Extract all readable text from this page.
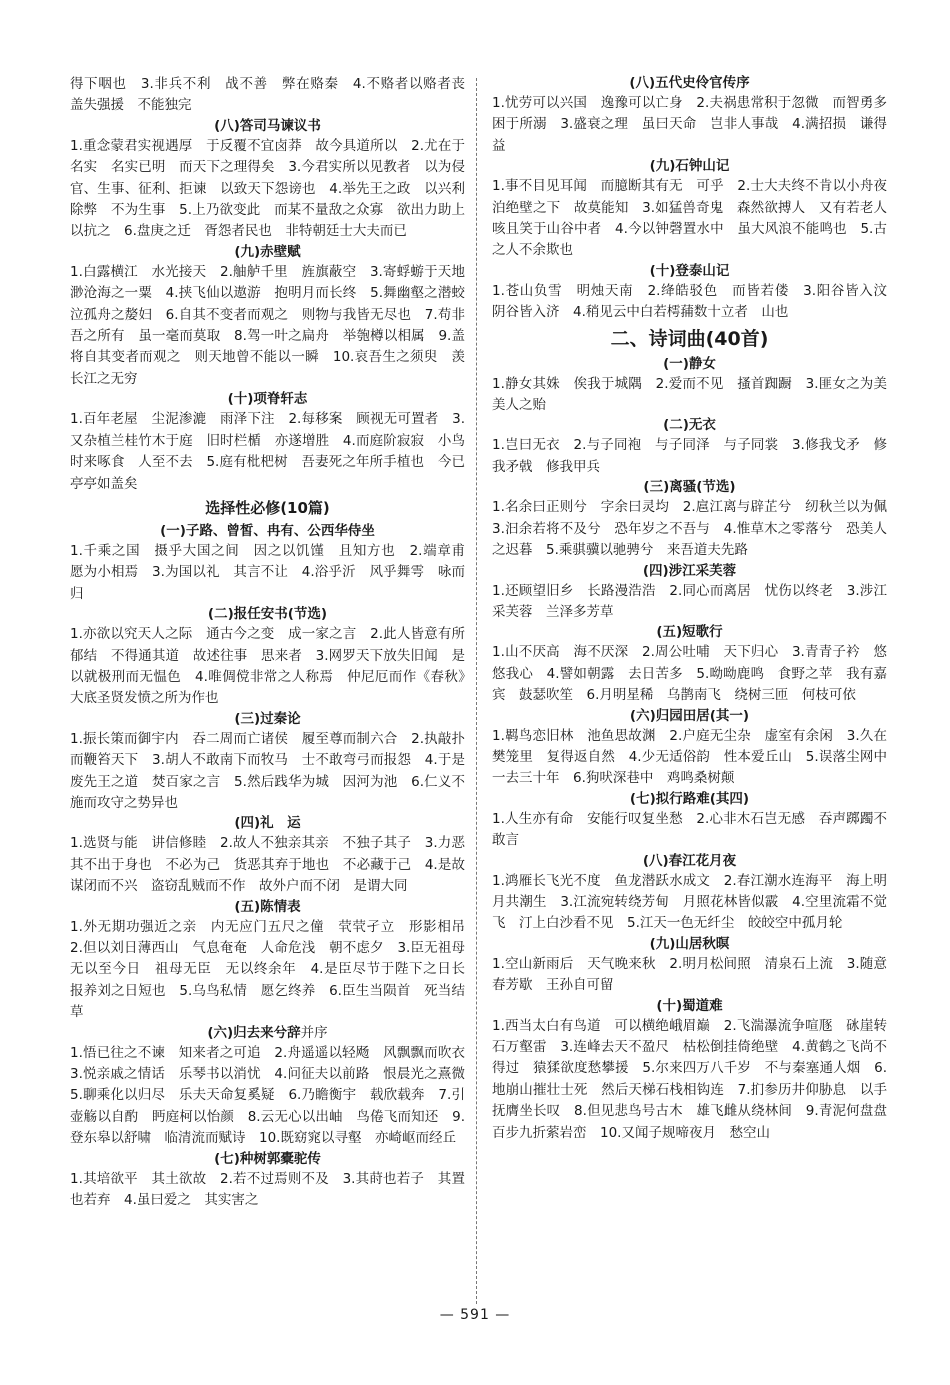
得下咽也　3.非兵不利　战不善　弊在赂秦　4.不赂者以赂者丧　盖失强援　不能独完
(八)答司马谏议书
1.重念蒙君实视遇厚　于反覆不宜卤莽　故今具道所以　2.尤在于名实　名实已明　而天下之理得矣　3.今君实所以见教者　以为侵官、生事、征利、拒谏　以致天下怨谤也　4.举先王之政　以兴利除弊　不为生事　5.上乃欲变此　而某不量敌之众寡　欲出力助上以抗之　6.盘庚之迁　胥怨者民也　非特朝廷士大夫而已
(九)赤壁赋
1.白露横江　水光接天　2.舳舻千里　旌旗蔽空　3.寄蜉蝣于天地　渺沧海之一粟　4.挟飞仙以遨游　抱明月而长终　5.舞幽壑之潜蛟　泣孤舟之嫠妇　6.自其不变者而观之　则物与我皆无尽也　7.苟非吾之所有　虽一毫而莫取　8.驾一叶之扁舟　举匏樽以相属　9.盖将自其变者而观之　则天地曾不能以一瞬　10.哀吾生之须臾　羡长江之无穷
(十)项脊轩志
1.百年老屋　尘泥渗漉　雨泽下注　2.每移案　顾视无可置者　3.又杂植兰桂竹木于庭　旧时栏楯　亦遂增胜　4.而庭阶寂寂　小鸟时来啄食　人至不去　5.庭有枇杷树　吾妻死之年所手植也　今已亭亭如盖矣
选择性必修(10篇)
(一)子路、曾皙、冉有、公西华侍坐
1.千乘之国　摄乎大国之间　因之以饥馑　且知方也　2.端章甫　愿为小相焉　3.为国以礼　其言不让　4.浴乎沂　风乎舞雩　咏而归
(二)报任安书(节选)
1.亦欲以究天人之际　通古今之变　成一家之言　2.此人皆意有所郁结　不得通其道　故述往事　思来者　3.网罗天下放失旧闻　是以就极刑而无愠色　4.唯倜傥非常之人称焉　仲尼厄而作《春秋》　大底圣贤发愤之所为作也
(三)过秦论
1.振长策而御宇内　吞二周而亡诸侯　履至尊而制六合　2.执敲扑而鞭笞天下　3.胡人不敢南下而牧马　士不敢弯弓而报怨　4.于是废先王之道　焚百家之言　5.然后践华为城　因河为池　6.仁义不施而攻守之势异也
(四)礼　运
1.选贤与能　讲信修睦　2.故人不独亲其亲　不独子其子　3.力恶其不出于身也　不必为己　货恶其弃于地也　不必藏于己　4.是故谋闭而不兴　盗窃乱贼而不作　故外户而不闭　是谓大同
(五)陈情表
1.外无期功强近之亲　内无应门五尺之僮　茕茕孑立　形影相吊　2.但以刘日薄西山　气息奄奄　人命危浅　朝不虑夕　3.臣无祖母　无以至今日　祖母无臣　无以终余年　4.是臣尽节于陛下之日长　报养刘之日短也　5.乌鸟私情　愿乞终养　6.臣生当陨首　死当结草
(六)归去来兮辞并序
1.悟已往之不谏　知来者之可追　2.舟遥遥以轻飏　风飘飘而吹衣　3.悦亲戚之情话　乐琴书以消忧　4.问征夫以前路　恨晨光之熹微　5.聊乘化以归尽　乐夫天命复奚疑　6.乃瞻衡宇　载欣载奔　7.引壶觞以自酌　眄庭柯以怡颜　8.云无心以出岫　鸟倦飞而知还　9.登东皋以舒啸　临清流而赋诗　10.既窈窕以寻壑　亦崎岖而经丘
(七)种树郭橐驼传
1.其培欲平　其土欲故　2.若不过焉则不及　3.其莳也若子　其置也若弃　4.虽曰爱之　其实害之
(八)五代史伶官传序
1.忧劳可以兴国　逸豫可以亡身　2.夫祸患常积于忽微　而智勇多困于所溺　3.盛衰之理　虽曰天命　岂非人事哉　4.满招损　谦得益
(九)石钟山记
1.事不目见耳闻　而臆断其有无　可乎　2.士大夫终不肯以小舟夜泊绝壁之下　故莫能知　3.如猛兽奇鬼　森然欲搏人　又有若老人咳且笑于山谷中者　4.今以钟磬置水中　虽大风浪不能鸣也　5.古之人不余欺也
(十)登泰山记
1.苍山负雪　明烛天南　2.绛皓驳色　而皆若偻　3.阳谷皆入汶　阴谷皆入济　4.稍见云中白若樗蒱数十立者　山也
二、诗词曲(40首)
(一)静女
1.静女其姝　俟我于城隅　2.爱而不见　搔首踟蹰　3.匪女之为美　美人之贻
(二)无衣
1.岂曰无衣　2.与子同袍　与子同泽　与子同裳　3.修我戈矛　修我矛戟　修我甲兵
(三)离骚(节选)
1.名余曰正则兮　字余曰灵均　2.扈江离与辟芷兮　纫秋兰以为佩　3.汩余若将不及兮　恐年岁之不吾与　4.惟草木之零落兮　恐美人之迟暮　5.乘骐骥以驰骋兮　来吾道夫先路
(四)涉江采芙蓉
1.还顾望旧乡　长路漫浩浩　2.同心而离居　忧伤以终老　3.涉江采芙蓉　兰泽多芳草
(五)短歌行
1.山不厌高　海不厌深　2.周公吐哺　天下归心　3.青青子衿　悠悠我心　4.譬如朝露　去日苦多　5.呦呦鹿鸣　食野之苹　我有嘉宾　鼓瑟吹笙　6.月明星稀　乌鹊南飞　绕树三匝　何枝可依
(六)归园田居(其一)
1.羁鸟恋旧林　池鱼思故渊　2.户庭无尘杂　虚室有余闲　3.久在樊笼里　复得返自然　4.少无适俗韵　性本爱丘山　5.误落尘网中　一去三十年　6.狗吠深巷中　鸡鸣桑树颠
(七)拟行路难(其四)
1.人生亦有命　安能行叹复坐愁　2.心非木石岂无感　吞声踯躅不敢言
(八)春江花月夜
1.鸿雁长飞光不度　鱼龙潜跃水成文　2.春江潮水连海平　海上明月共潮生　3.江流宛转绕芳甸　月照花林皆似霰　4.空里流霜不觉飞　汀上白沙看不见　5.江天一色无纤尘　皎皎空中孤月轮
(九)山居秋暝
1.空山新雨后　天气晚来秋　2.明月松间照　清泉石上流　3.随意春芳歇　王孙自可留
(十)蜀道难
1.西当太白有鸟道　可以横绝峨眉巅　2.飞湍瀑流争喧豗　砯崖转石万壑雷　3.连峰去天不盈尺　枯松倒挂倚绝壁　4.黄鹤之飞尚不得过　猿猱欲度愁攀援　5.尔来四万八千岁　不与秦塞通人烟　6.地崩山摧壮士死　然后天梯石栈相钩连　7.扪参历井仰胁息　以手抚膺坐长叹　8.但见悲鸟号古木　雄飞雌从绕林间　9.青泥何盘盘　百步九折萦岩峦　10.又闻子规啼夜月　愁空山
— 591 —
